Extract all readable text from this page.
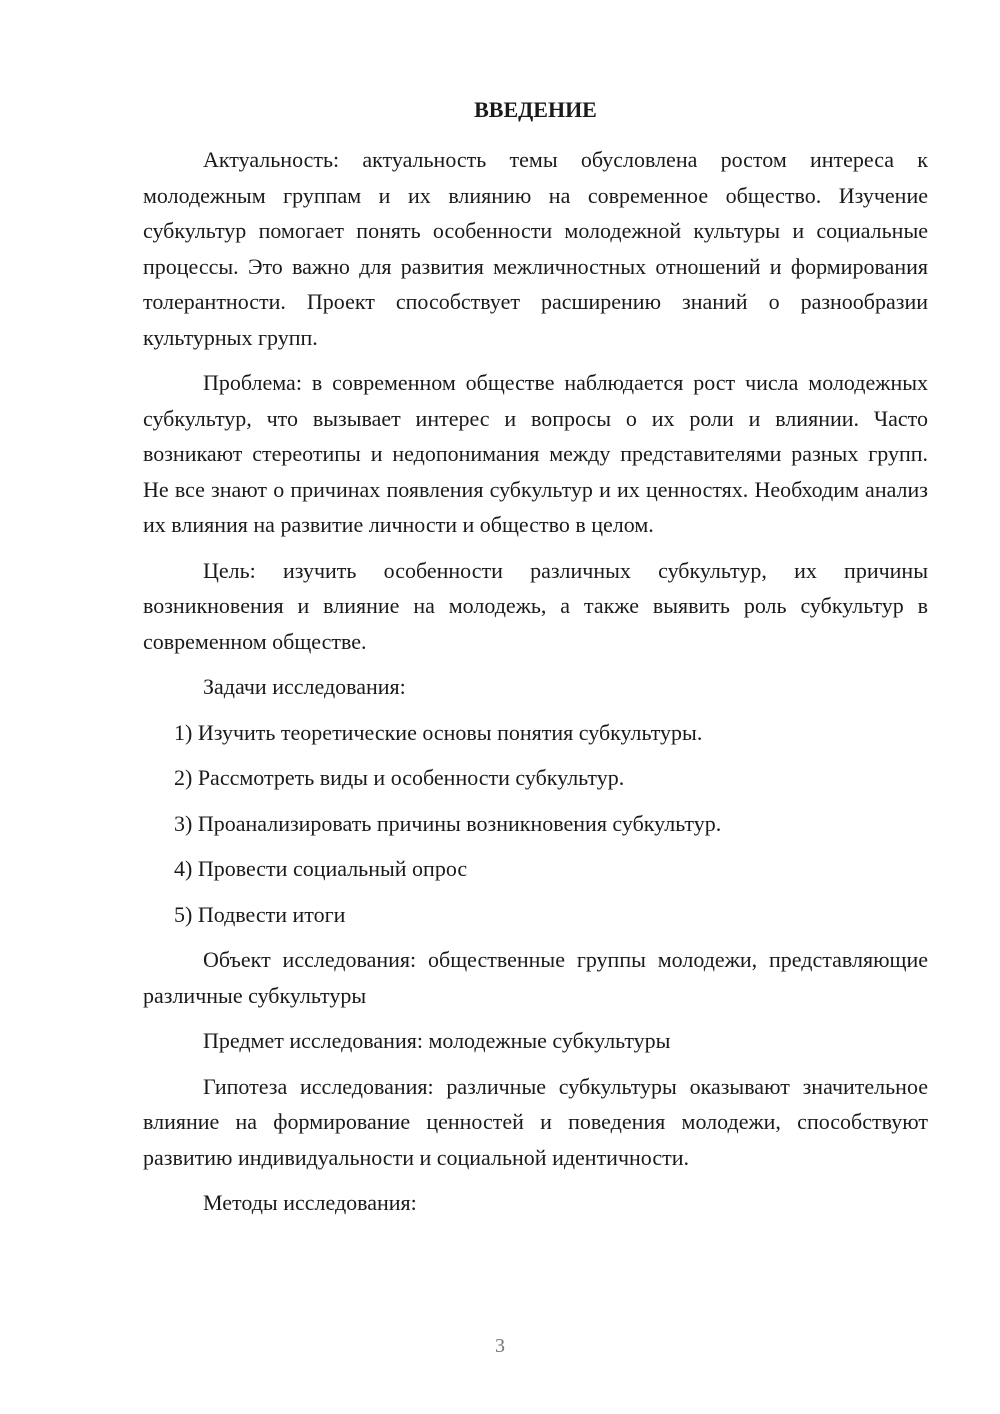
ВВЕДЕНИЕ

Актуальность: актуальность темы обусловлена ростом интереса к молодежным группам и их влиянию на современное общество. Изучение субкультур помогает понять особенности молодежной культуры и социальные процессы. Это важно для развития межличностных отношений и формирования толерантности. Проект способствует расширению знаний о разнообразии культурных групп.

Проблема: в современном обществе наблюдается рост числа молодежных субкультур, что вызывает интерес и вопросы о их роли и влиянии. Часто возникают стереотипы и недопонимания между представителями разных групп. Не все знают о причинах появления субкультур и их ценностях. Необходим анализ их влияния на развитие личности и общество в целом.

Цель: изучить особенности различных субкультур, их причины возникновения и влияние на молодежь, а также выявить роль субкультур в современном обществе.

Задачи исследования:

1) Изучить теоретические основы понятия субкультуры.
2) Рассмотреть виды и особенности субкультур.
3) Проанализировать причины возникновения субкультур.
4) Провести социальный опрос
5) Подвести итоги

Объект исследования: общественные группы молодежи, представляющие различные субкультуры

Предмет исследования: молодежные субкультуры

Гипотеза исследования: различные субкультуры оказывают значительное влияние на формирование ценностей и поведения молодежи, способствуют развитию индивидуальности и социальной идентичности.

Методы исследования:

3
